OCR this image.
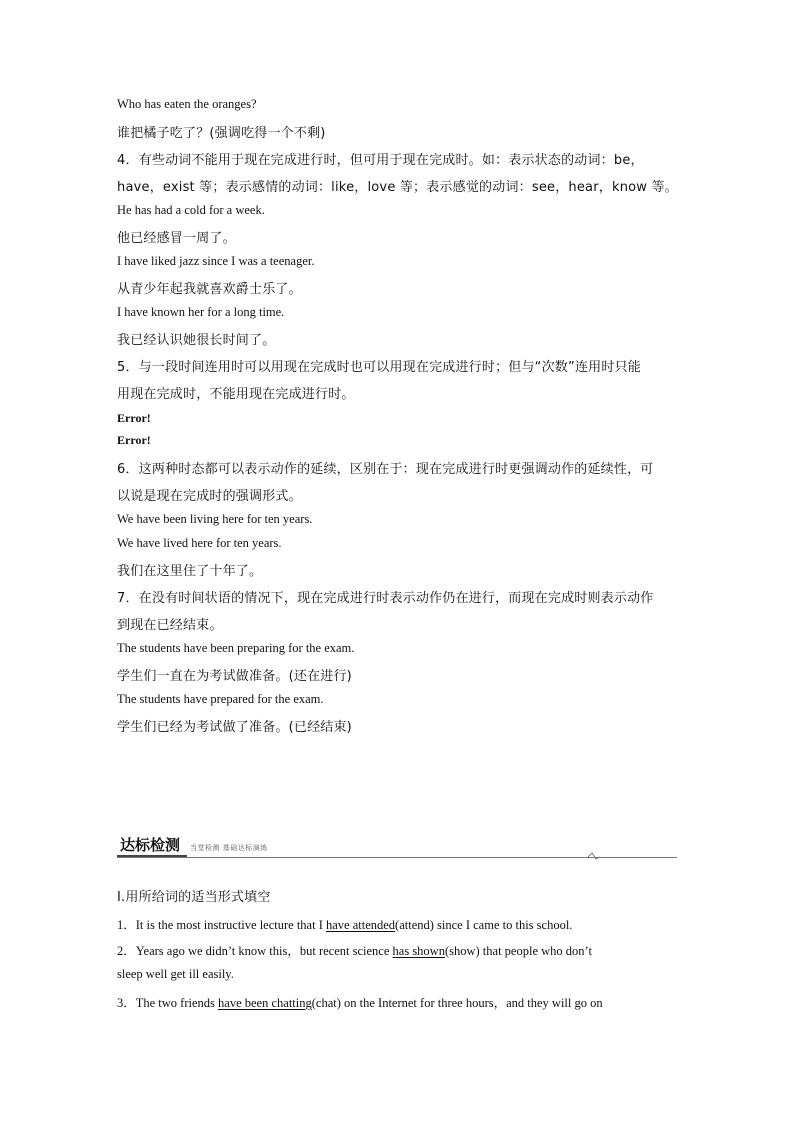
Who has eaten the oranges?
谁把橘子吃了？(强调吃得一个不剩)
4．有些动词不能用于现在完成进行时，但可用于现在完成时。如：表示状态的动词：be，
have，exist 等；表示感情的动词：like，love 等；表示感觉的动词：see，hear，know 等。
He has had a cold for a week.
他已经感冒一周了。
I have liked jazz since I was a teenager.
从青少年起我就喜欢爵士乐了。
I have known her for a long time.
我已经认识她很长时间了。
5．与一段时间连用时可以用现在完成时也可以用现在完成进行时；但与“次数”连用时只能
用现在完成时，不能用现在完成进行时。
Error!
Error!
6．这两种时态都可以表示动作的延续，区别在于：现在完成进行时更强调动作的延续性，可
以说是现在完成时的强调形式。
We have been living here for ten years.
We have lived here for ten years.
我们在这里住了十年了。
7．在没有时间状语的情况下，现在完成进行时表示动作仍在进行，而现在完成时则表示动作
到现在已经结束。
The students have been preparing for the exam.
学生们一直在为考试做准备。(还在进行)
The students have prepared for the exam.
学生们已经为考试做了准备。(已经结束)
达标检测 当堂检测 基础达标演练
Ⅰ.用所给词的适当形式填空
1．It is the most instructive lecture that I have attended(attend) since I came to this school.
2．Years ago we didn’t know this，but recent science has shown(show) that people who don’t
sleep well get ill easily.
3．The two friends have been chatting(chat) on the Internet for three hours，and they will go on
